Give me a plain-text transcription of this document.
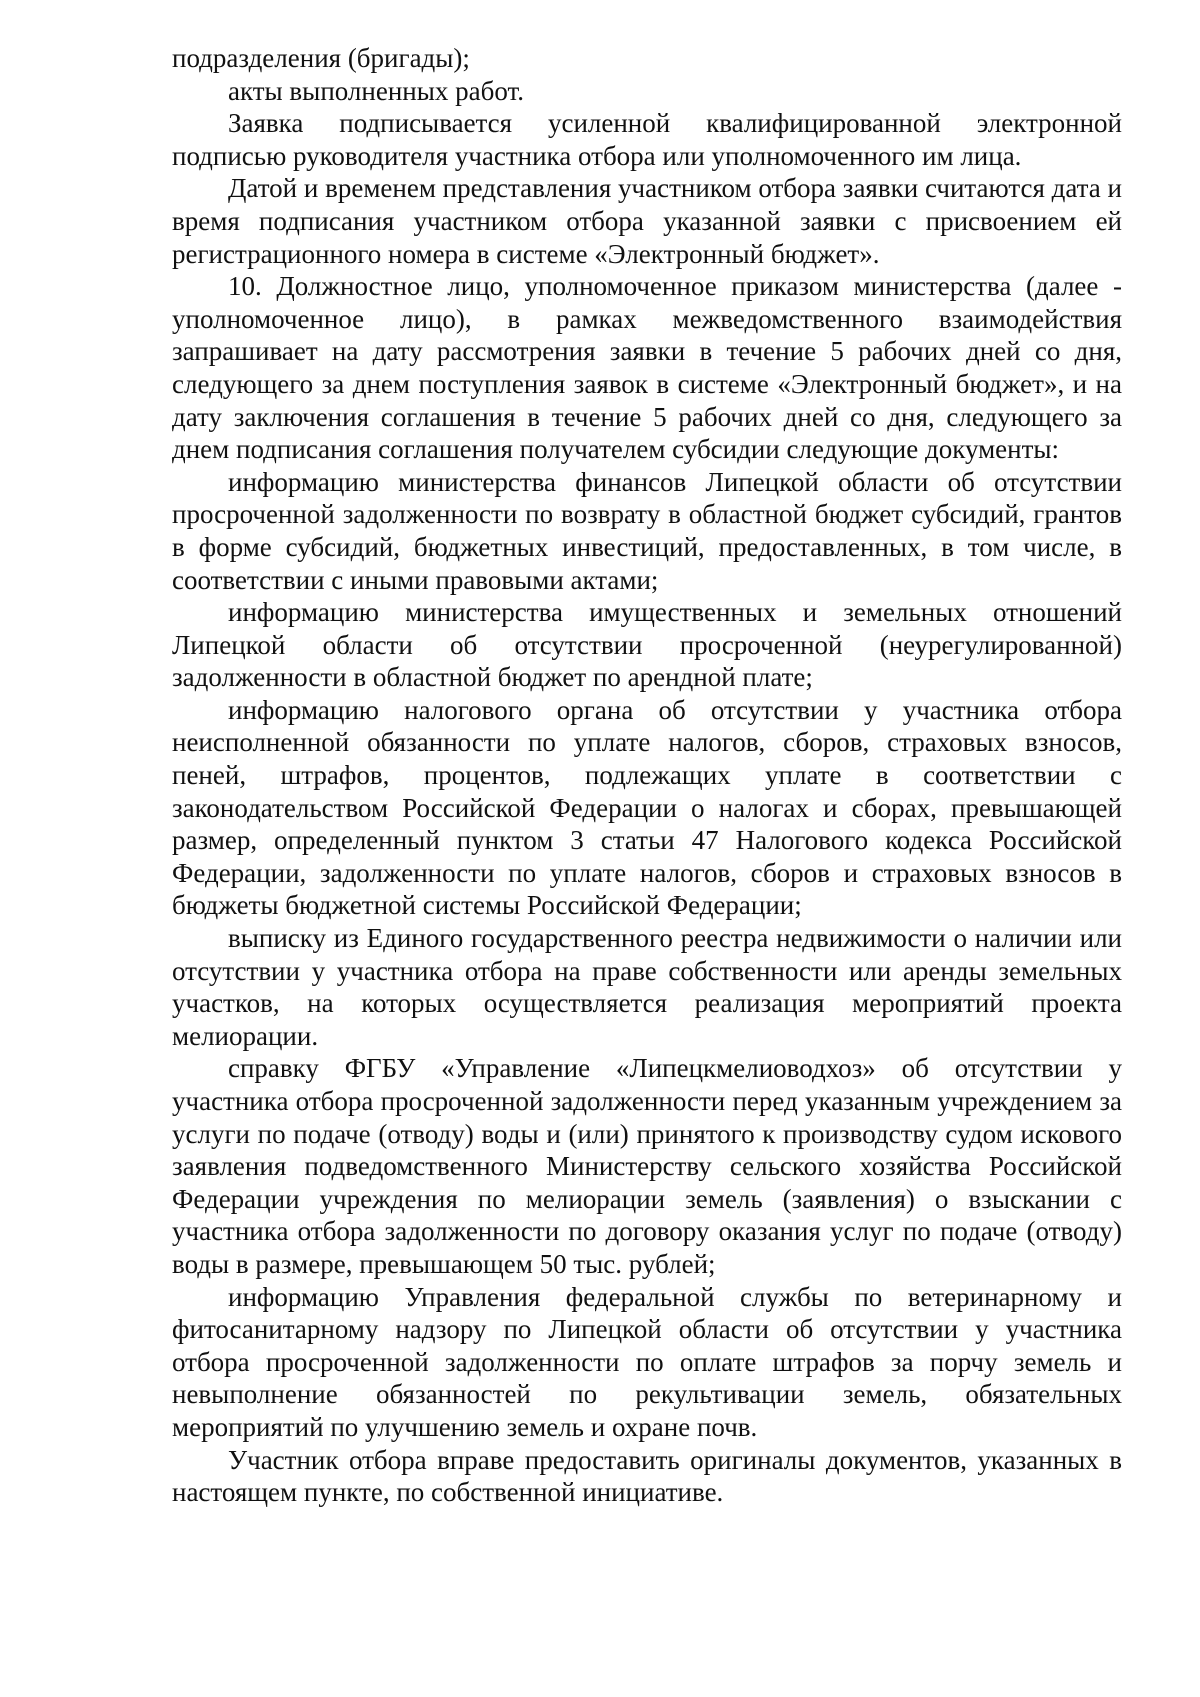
подразделения (бригады);

акты выполненных работ.

Заявка подписывается усиленной квалифицированной электронной подписью руководителя участника отбора или уполномоченного им лица.

Датой и временем представления участником отбора заявки считаются дата и время подписания участником отбора указанной заявки с присвоением ей регистрационного номера в системе «Электронный бюджет».

10. Должностное лицо, уполномоченное приказом министерства (далее - уполномоченное лицо), в рамках межведомственного взаимодействия запрашивает на дату рассмотрения заявки в течение 5 рабочих дней со дня, следующего за днем поступления заявок в системе «Электронный бюджет», и на дату заключения соглашения в течение 5 рабочих дней со дня, следующего за днем подписания соглашения получателем субсидии следующие документы:

информацию министерства финансов Липецкой области об отсутствии просроченной задолженности по возврату в областной бюджет субсидий, грантов в форме субсидий, бюджетных инвестиций, предоставленных, в том числе, в соответствии с иными правовыми актами;

информацию министерства имущественных и земельных отношений Липецкой области об отсутствии просроченной (неурегулированной) задолженности в областной бюджет по арендной плате;

информацию налогового органа об отсутствии у участника отбора неисполненной обязанности по уплате налогов, сборов, страховых взносов, пеней, штрафов, процентов, подлежащих уплате в соответствии с законодательством Российской Федерации о налогах и сборах, превышающей размер, определенный пунктом 3 статьи 47 Налогового кодекса Российской Федерации, задолженности по уплате налогов, сборов и страховых взносов в бюджеты бюджетной системы Российской Федерации;

выписку из Единого государственного реестра недвижимости о наличии или отсутствии у участника отбора на праве собственности или аренды земельных участков, на которых осуществляется реализация мероприятий проекта мелиорации.

справку ФГБУ «Управление «Липецкмелиоводхоз» об отсутствии у участника отбора просроченной задолженности перед указанным учреждением за услуги по подаче (отводу) воды и (или) принятого к производству судом искового заявления подведомственного Министерству сельского хозяйства Российской Федерации учреждения по мелиорации земель (заявления) о взыскании с участника отбора задолженности по договору оказания услуг по подаче (отводу) воды в размере, превышающем 50 тыс. рублей;

информацию Управления федеральной службы по ветеринарному и фитосанитарному надзору по Липецкой области об отсутствии у участника отбора просроченной задолженности по оплате штрафов за порчу земель и невыполнение обязанностей по рекультивации земель, обязательных мероприятий по улучшению земель и охране почв.

Участник отбора вправе предоставить оригиналы документов, указанных в настоящем пункте, по собственной инициативе.
